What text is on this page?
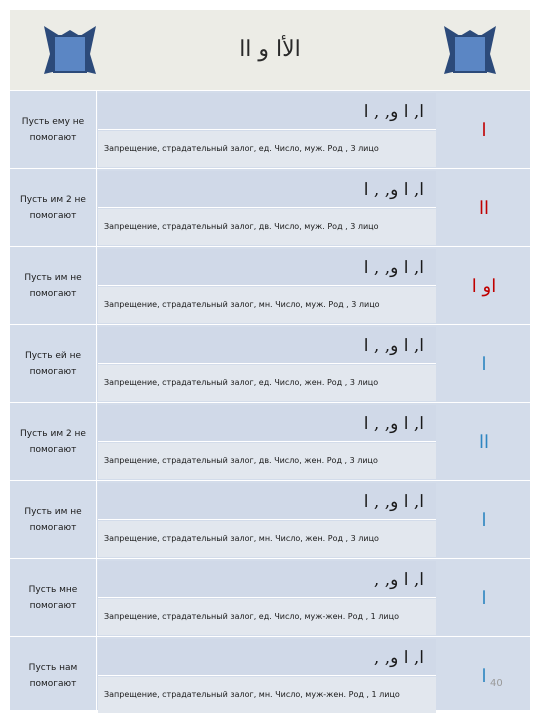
الأا و اا
Пусть ему не помогают
ا, ا و, , ا
Запрещение, страдательный залог, ед. Число, муж. Род , 3 лицо
ا
Пусть им 2 не помогают
ا, ا و, , ا
Запрещение, страдательный залог, дв. Число, муж. Род , 3 лицо
اا
Пусть им не помогают
ا, ا و, , ا
Запрещение, страдательный залог, мн. Число, муж. Род , 3 лицо
او ا
Пусть ей не помогают
ا, ا و, , ا
Запрещение, страдательный залог, ед. Число, жен. Род , 3 лицо
ا
Пусть им 2 не помогают
ا, ا و, , ا
Запрещение, страдательный залог, дв. Число, жен. Род , 3 лицо
اا
Пусть им не помогают
ا, ا و, , ا
Запрещение, страдательный залог, мн. Число, жен. Род , 3 лицо
ا
Пусть мне помогают
ا, ا و, ,
Запрещение, страдательный залог, ед. Число, муж-жен. Род , 1 лицо
ا
Пусть нам помогают
ا, ا و, ,
Запрещение, страдательный залог, мн. Число, муж-жен. Род , 1 лицо
ا 40
